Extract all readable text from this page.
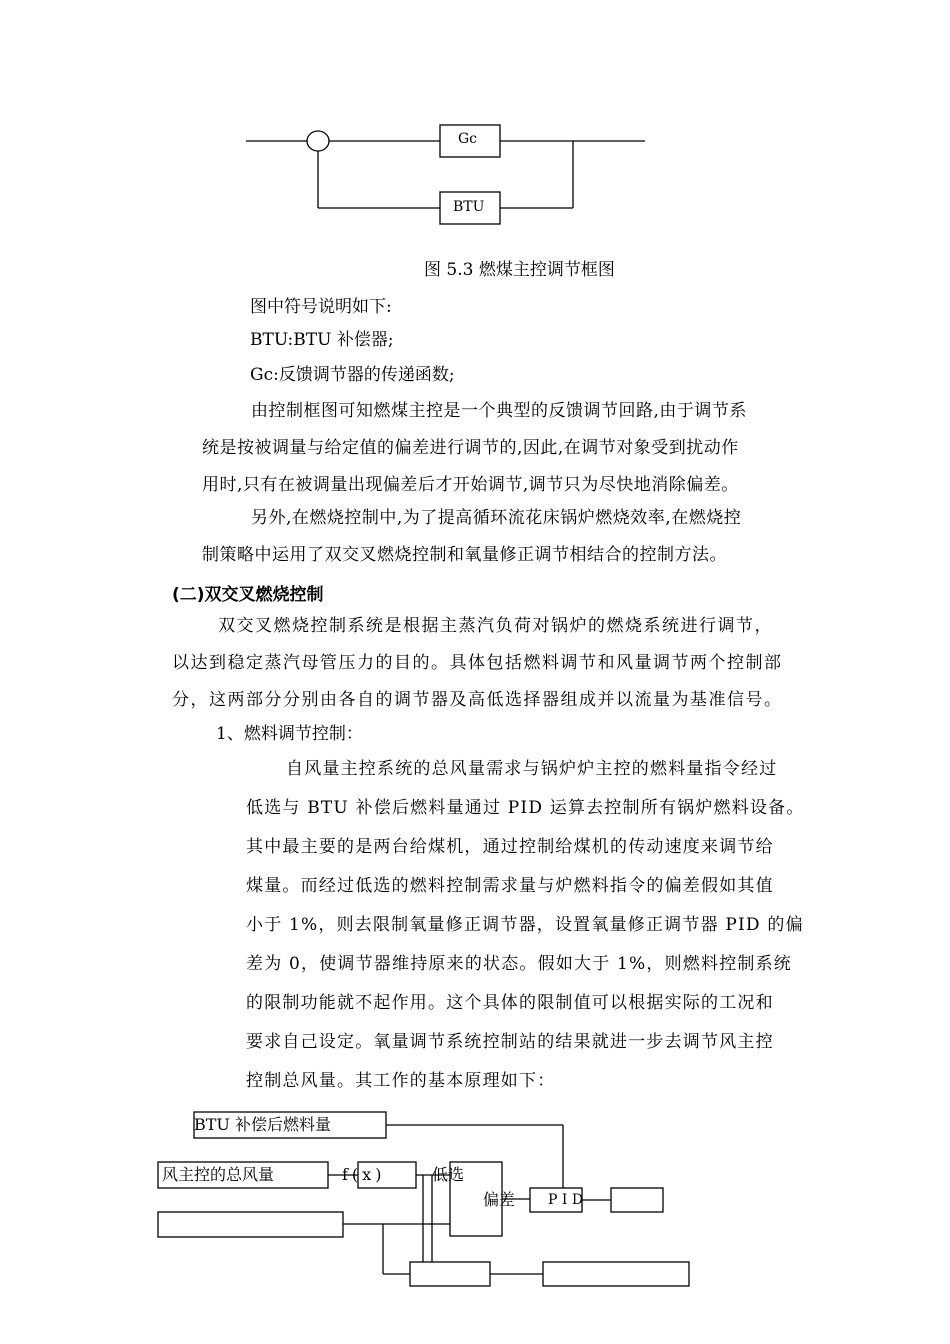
Gc
BTU
图 5.3 燃煤主控调节框图
图中符号说明如下:
BTU:BTU 补偿器;
Gc:反馈调节器的传递函数;
由控制框图可知燃煤主控是一个典型的反馈调节回路,由于调节系
统是按被调量与给定值的偏差进行调节的,因此,在调节对象受到扰动作
用时,只有在被调量出现偏差后才开始调节,调节只为尽快地消除偏差。
另外,在燃烧控制中,为了提高循环流花床锅炉燃烧效率,在燃烧控
制策略中运用了双交叉燃烧控制和氧量修正调节相结合的控制方法。
(二)双交叉燃烧控制
双交叉燃烧控制系统是根据主蒸汽负荷对锅炉的燃烧系统进行调节，
以达到稳定蒸汽母管压力的目的。具体包括燃料调节和风量调节两个控制部
分，这两部分分别由各自的调节器及高低选择器组成并以流量为基准信号。
1、燃料调节控制：
自风量主控系统的总风量需求与锅炉炉主控的燃料量指令经过
低选与 BTU 补偿后燃料量通过 PID 运算去控制所有锅炉燃料设备。
其中最主要的是两台给煤机，通过控制给煤机的传动速度来调节给
煤量。而经过低选的燃料控制需求量与炉燃料指令的偏差假如其值
小于 1%，则去限制氧量修正调节器，设置氧量修正调节器 PID 的偏
差为 0，使调节器维持原来的状态。假如大于 1%，则燃料控制系统
的限制功能就不起作用。这个具体的限制值可以根据实际的工况和
要求自己设定。氧量调节系统控制站的结果就进一步去调节风主控
控制总风量。其工作的基本原理如下：
BTU 补偿后燃料量
风主控的总风量	f(x)	低选
偏差 P I D
